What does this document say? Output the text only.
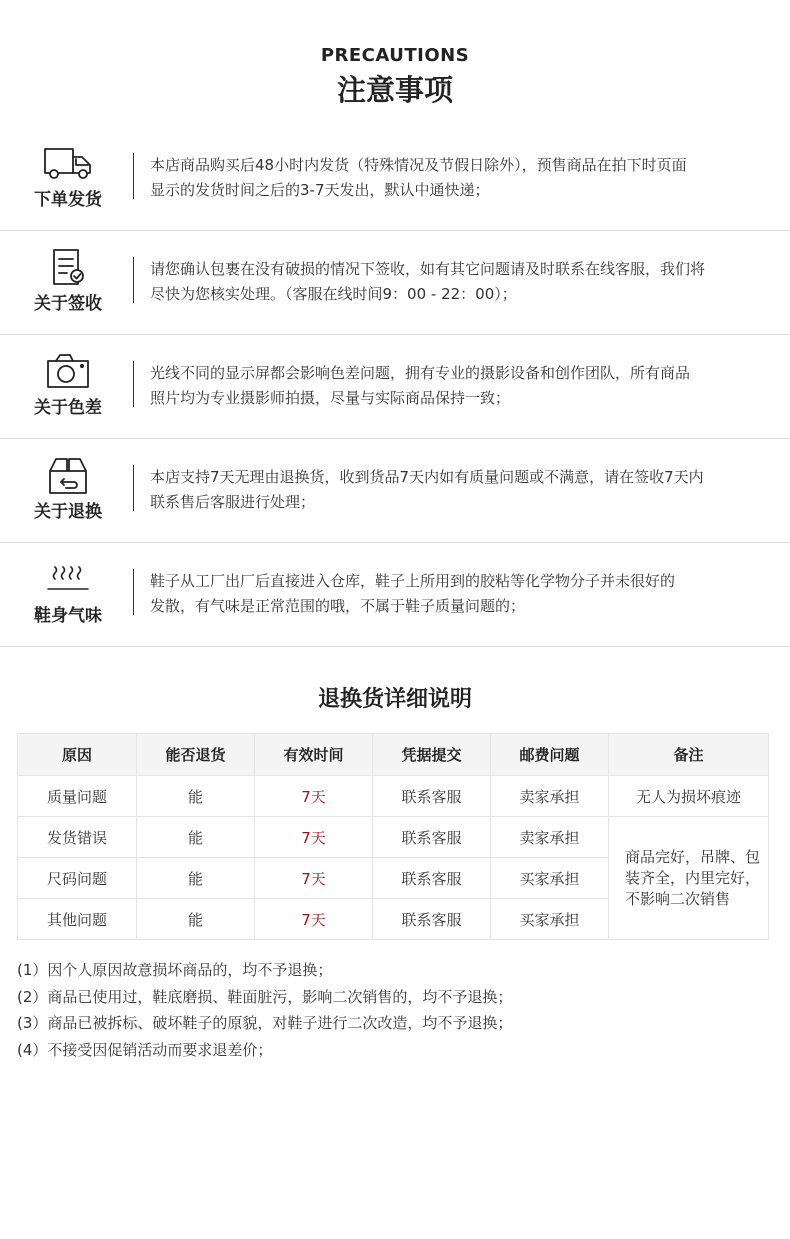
PRECAUTIONS
注意事项
下单发货
本店商品购买后48小时内发货（特殊情况及节假日除外），预售商品在拍下时页面
显示的发货时间之后的3-7天发出，默认中通快递；
关于签收
请您确认包裹在没有破损的情况下签收，如有其它问题请及时联系在线客服，我们将
尽快为您核实处理。（客服在线时间9：00 - 22：00）；
关于色差
光线不同的显示屏都会影响色差问题，拥有专业的摄影设备和创作团队，所有商品
照片均为专业摄影师拍摄，尽量与实际商品保持一致；
关于退换
本店支持7天无理由退换货，收到货品7天内如有质量问题或不满意，请在签收7天内
联系售后客服进行处理；
鞋身气味
鞋子从工厂出厂后直接进入仓库，鞋子上所用到的胶粘等化学物分子并未很好的
发散，有气味是正常范围的哦，不属于鞋子质量问题的；
退换货详细说明
原因	能否退货	有效时间	凭据提交	邮费问题	备注
质量问题	能	7天	联系客服	卖家承担	无人为损坏痕迹
发货错误	能	7天	联系客服	卖家承担	商品完好，吊牌、包装齐全，内里完好，不影响二次销售
尺码问题	能	7天	联系客服	买家承担	
其他问题	能	7天	联系客服	买家承担	
(1）因个人原因故意损坏商品的，均不予退换；
(2）商品已使用过，鞋底磨损、鞋面脏污，影响二次销售的，均不予退换；
(3）商品已被拆标、破坏鞋子的原貌，对鞋子进行二次改造，均不予退换；
(4）不接受因促销活动而要求退差价；
